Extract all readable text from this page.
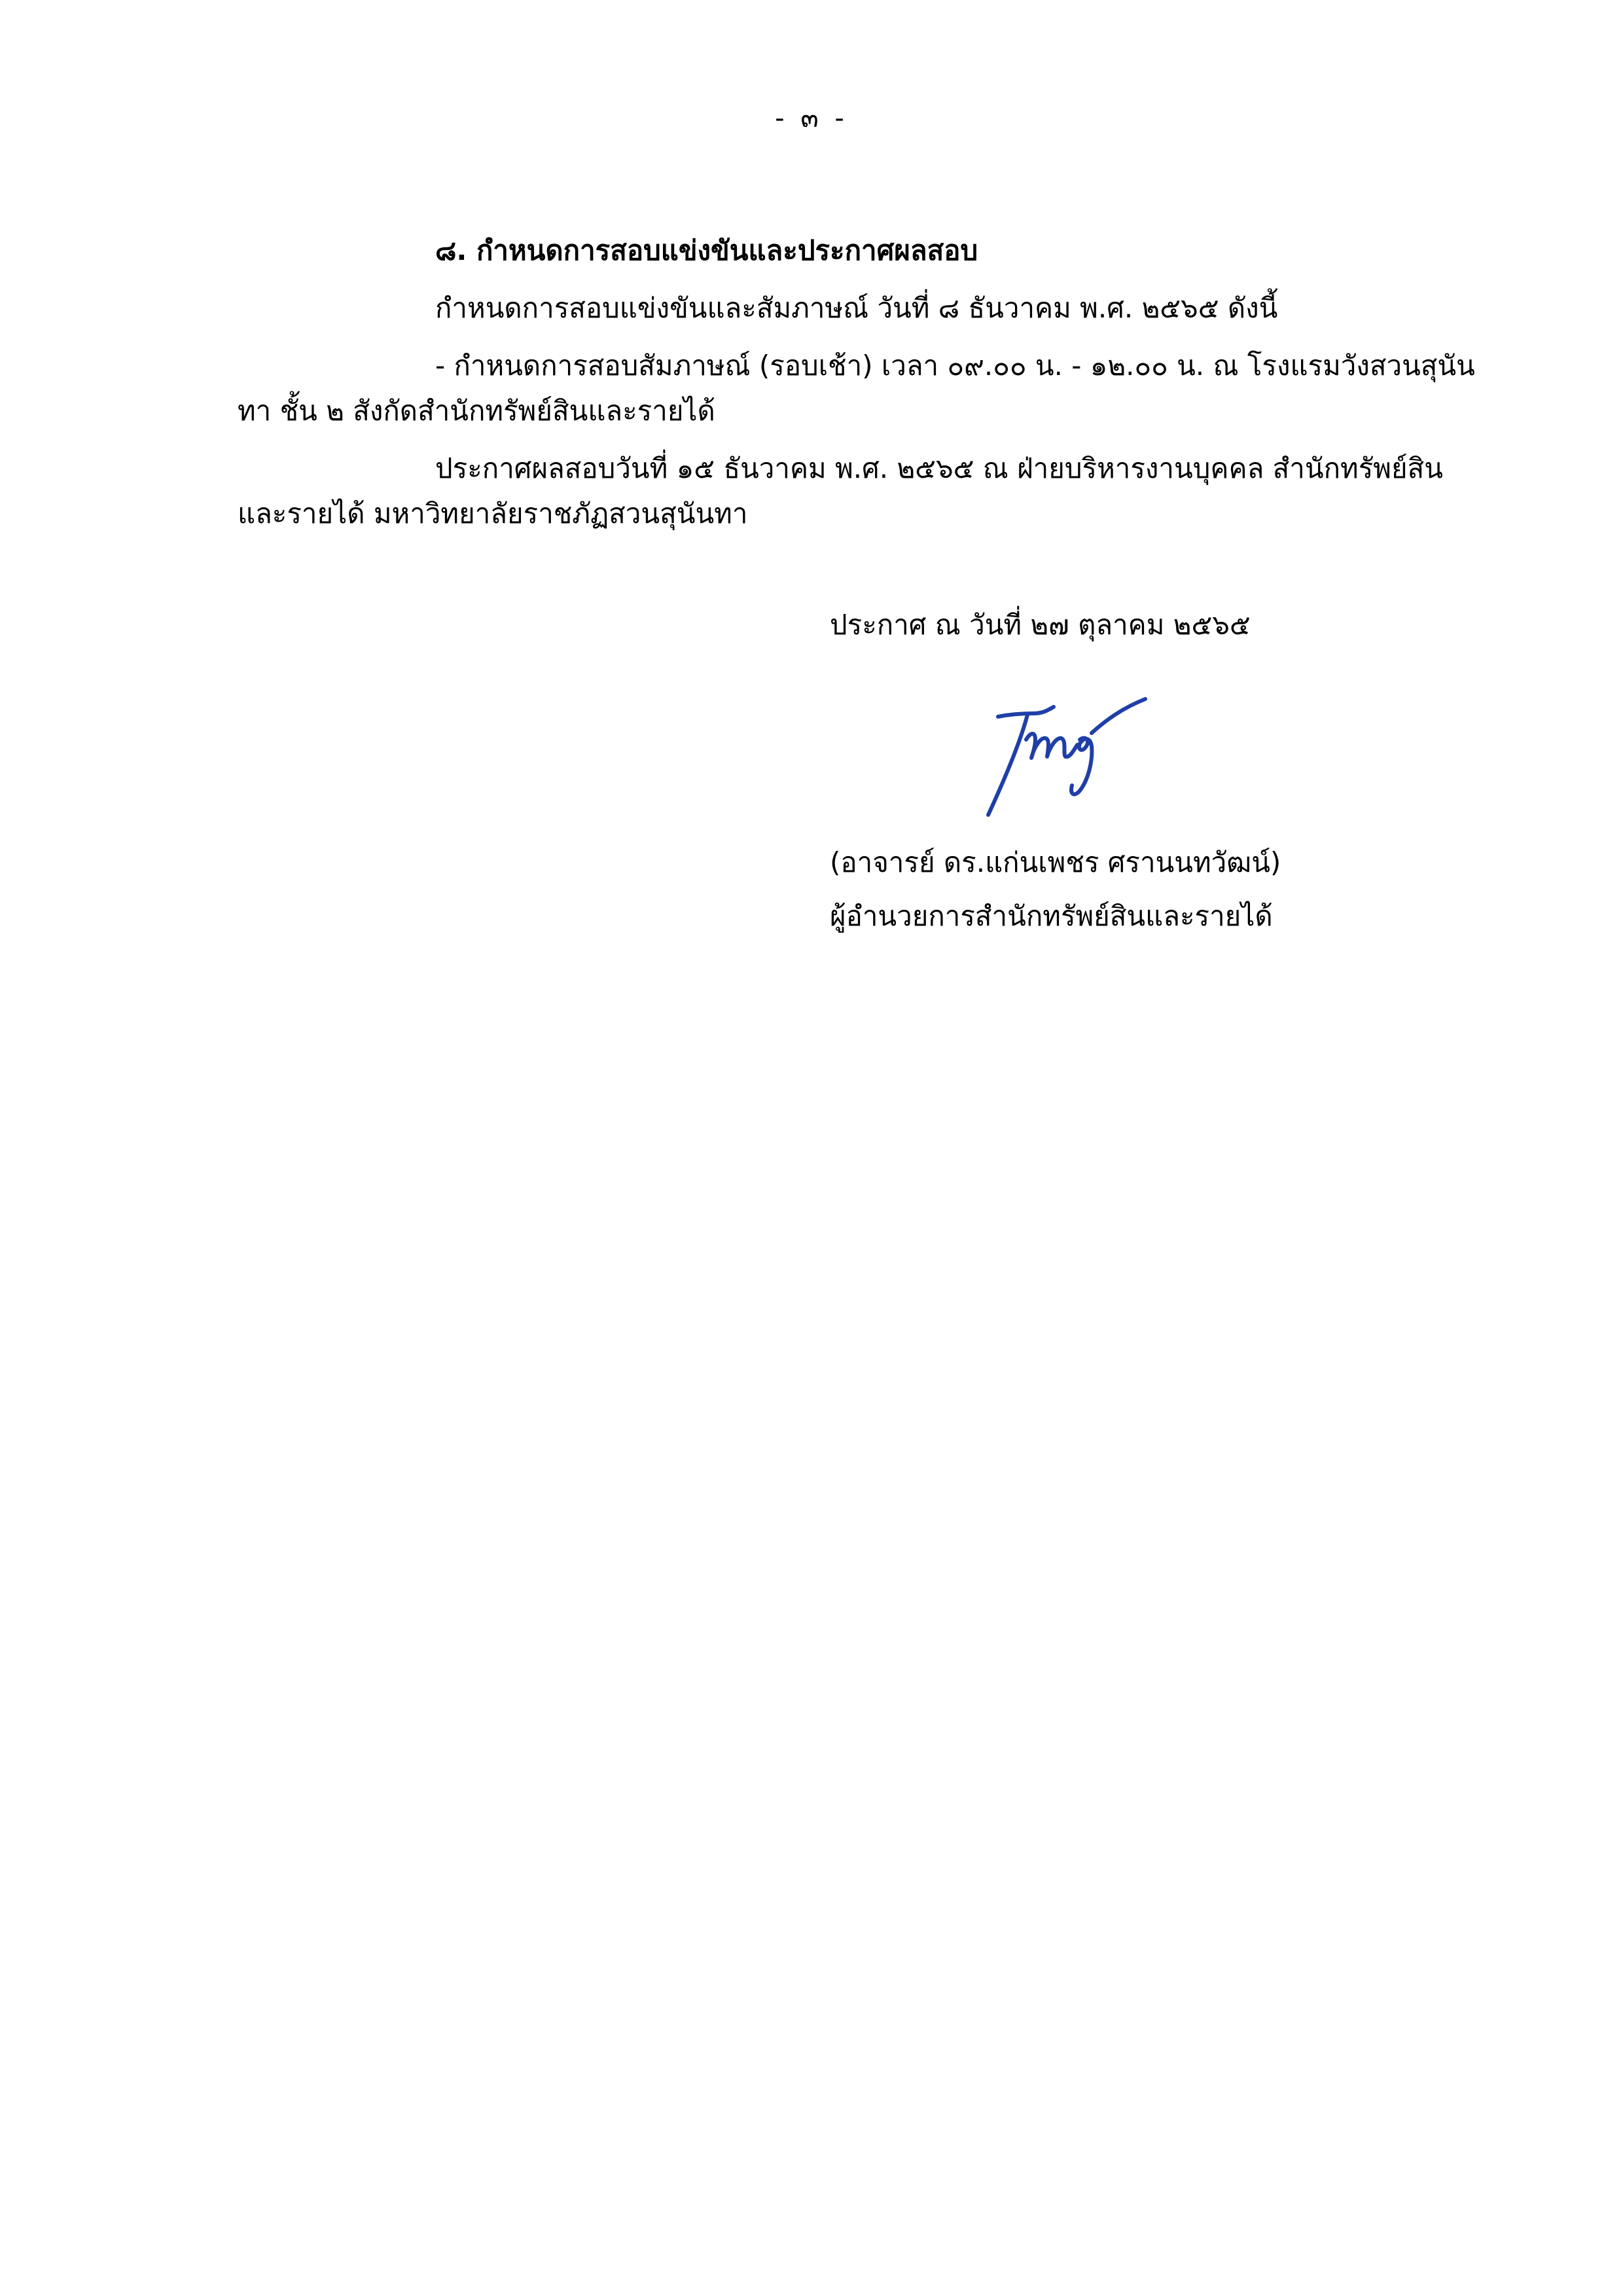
- ๓ -
๘. กำหนดการสอบแข่งขันและประกาศผลสอบ
กำหนดการสอบแข่งขันและสัมภาษณ์ วันที่ ๘ ธันวาคม พ.ศ. ๒๕๖๕ ดังนี้
- กำหนดการสอบสัมภาษณ์ (รอบเช้า) เวลา ๐๙.๐๐ น. - ๑๒.๐๐ น. ณ โรงแรมวังสวนสุนัน
ทา ชั้น ๒ สังกัดสำนักทรัพย์สินและรายได้
ประกาศผลสอบวันที่ ๑๕ ธันวาคม พ.ศ. ๒๕๖๕ ณ ฝ่ายบริหารงานบุคคล สำนักทรัพย์สิน
และรายได้ มหาวิทยาลัยราชภัฏสวนสุนันทา
ประกาศ ณ วันที่ ๒๗ ตุลาคม ๒๕๖๕
(อาจารย์ ดร.แก่นเพชร ศรานนทวัฒน์)
ผู้อำนวยการสำนักทรัพย์สินและรายได้
